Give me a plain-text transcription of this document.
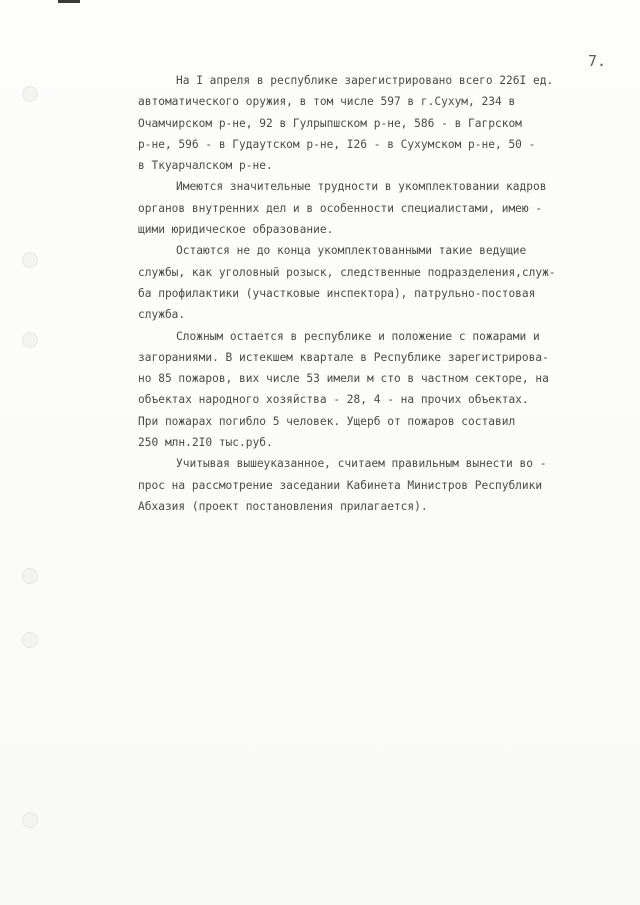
7.
На I апреля в республике зарегистрировано всего 226I ед.
автоматического оружия, в том числе 597 в г.Сухум, 234 в
Очамчирском р-не, 92 в Гулрыпшском р-не, 586 - в Гагрском
р-не, 596 - в Гудаутском р-не, I26 - в Сухумском р-не, 50 -
в Ткуарчалском р-не.
Имеются значительные трудности в укомплектовании кадров
органов внутренних дел и в особенности специалистами, имею -
щими юридическое образование.
Остаются не до конца укомплектованными такие ведущие
службы, как уголовный розыск, следственные подразделения,служ-
ба профилактики (участковые инспектора), патрульно-постовая
служба.
Сложным остается в республике и положение с пожарами и
загораниями. В истекшем квартале в Республике зарегистрирова-
но 85 пожаров, вих числе 53 имели м сто в частном секторе, на
объектах народного хозяйства - 28, 4 - на прочих объектах.
При пожарах погибло 5 человек. Ущерб от пожаров составил
250 млн.2I0 тыс.руб.
Учитывая вышеуказанное, считаем правильным вынести во -
прос на рассмотрение заседании Кабинета Министров Республики
Абхазия (проект постановления прилагается).
